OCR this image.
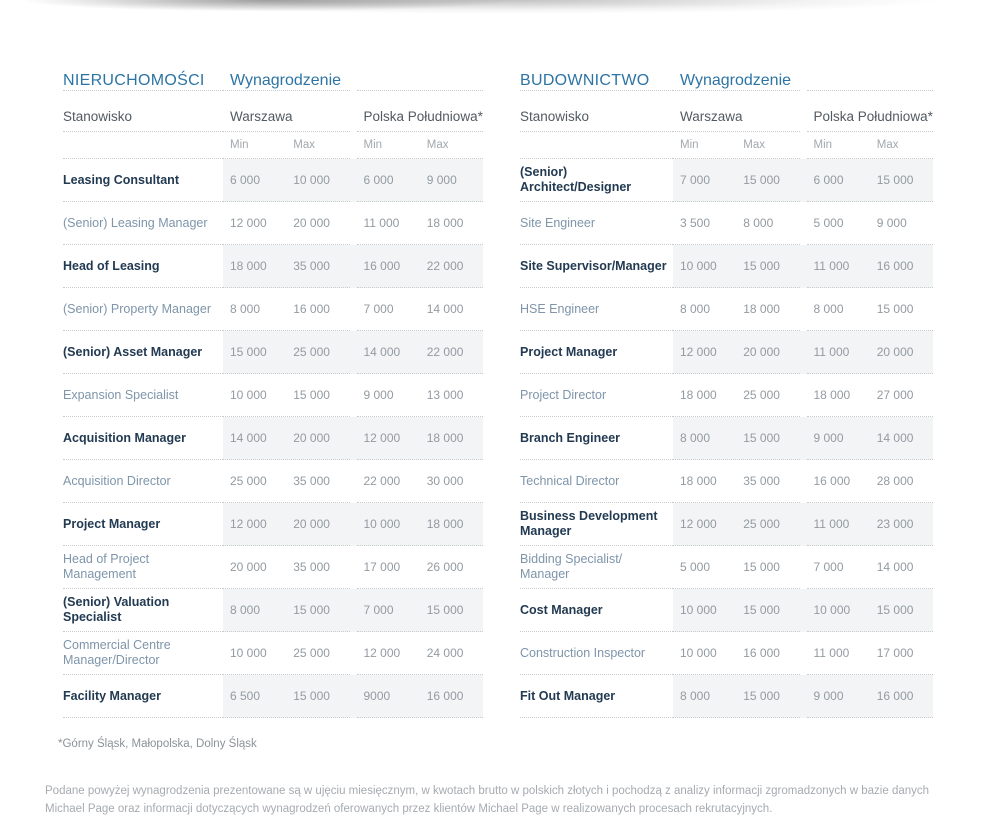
NIERUCHOMOŚCI	Wynagrodzenie
Stanowisko	Warszawa	Polska Południowa*
Min	Max	Min	Max
Leasing Consultant	6 000	10 000	6 000	9 000
(Senior) Leasing Manager	12 000	20 000	11 000	18 000
Head of Leasing	18 000	35 000	16 000	22 000
(Senior) Property Manager	8 000	16 000	7 000	14 000
(Senior) Asset Manager	15 000	25 000	14 000	22 000
Expansion Specialist	10 000	15 000	9 000	13 000
Acquisition Manager	14 000	20 000	12 000	18 000
Acquisition Director	25 000	35 000	22 000	30 000
Project Manager	12 000	20 000	10 000	18 000
Head of Project Management	20 000	35 000	17 000	26 000
(Senior) Valuation Specialist	8 000	15 000	7 000	15 000
Commercial Centre Manager/Director	10 000	25 000	12 000	24 000
Facility Manager	6 500	15 000	9000	16 000
BUDOWNICTWO	Wynagrodzenie
Stanowisko	Warszawa	Polska Południowa*
Min	Max	Min	Max
(Senior) Architect/Designer	7 000	15 000	6 000	15 000
Site Engineer	3 500	8 000	5 000	9 000
Site Supervisor/Manager	10 000	15 000	11 000	16 000
HSE Engineer	8 000	18 000	8 000	15 000
Project Manager	12 000	20 000	11 000	20 000
Project Director	18 000	25 000	18 000	27 000
Branch Engineer	8 000	15 000	9 000	14 000
Technical Director	18 000	35 000	16 000	28 000
Business Development Manager	12 000	25 000	11 000	23 000
Bidding Specialist/ Manager	5 000	15 000	7 000	14 000
Cost Manager	10 000	15 000	10 000	15 000
Construction Inspector	10 000	16 000	11 000	17 000
Fit Out Manager	8 000	15 000	9 000	16 000
*Górny Śląsk, Małopolska, Dolny Śląsk
Podane powyżej wynagrodzenia prezentowane są w ujęciu miesięcznym, w kwotach brutto w polskich złotych i pochodzą z analizy informacji zgromadzonych w bazie danych Michael Page oraz informacji dotyczących wynagrodzeń oferowanych przez klientów Michael Page w realizowanych procesach rekrutacyjnych.
